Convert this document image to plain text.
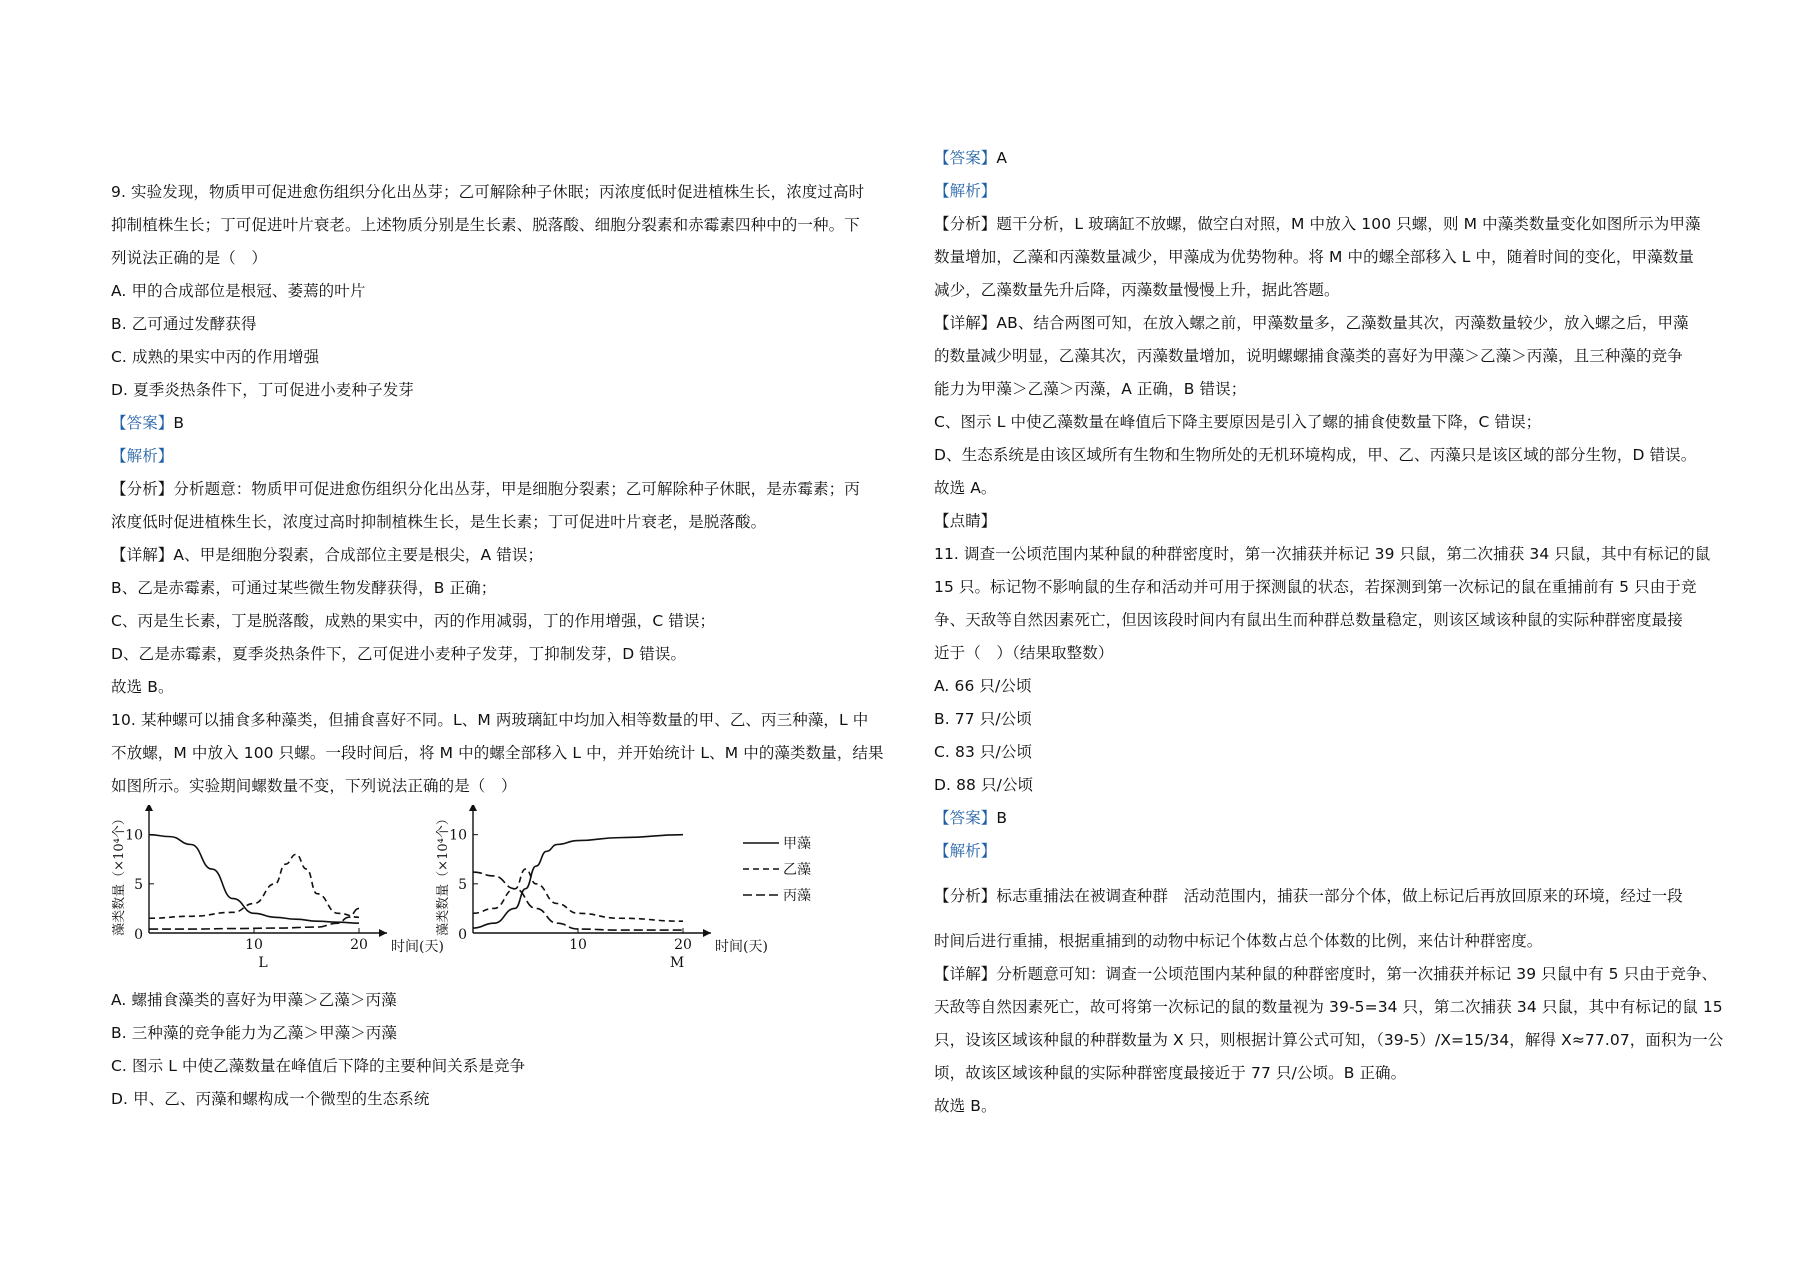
9. 实验发现，物质甲可促进愈伤组织分化出丛芽；乙可解除种子休眠；丙浓度低时促进植株生长，浓度过高时
抑制植株生长；丁可促进叶片衰老。上述物质分别是生长素、脱落酸、细胞分裂素和赤霉素四种中的一种。下
列说法正确的是（　）
A. 甲的合成部位是根冠、萎蔫的叶片
B. 乙可通过发酵获得
C. 成熟的果实中丙的作用增强
D. 夏季炎热条件下，丁可促进小麦种子发芽
【答案】B
【解析】
【分析】分析题意：物质甲可促进愈伤组织分化出丛芽，甲是细胞分裂素；乙可解除种子休眠，是赤霉素；丙
浓度低时促进植株生长，浓度过高时抑制植株生长，是生长素；丁可促进叶片衰老，是脱落酸。
【详解】A、甲是细胞分裂素，合成部位主要是根尖，A 错误；
B、乙是赤霉素，可通过某些微生物发酵获得，B 正确；
C、丙是生长素，丁是脱落酸，成熟的果实中，丙的作用减弱，丁的作用增强，C 错误；
D、乙是赤霉素，夏季炎热条件下，乙可促进小麦种子发芽，丁抑制发芽，D 错误。
故选 B。
10. 某种螺可以捕食多种藻类，但捕食喜好不同。L、M 两玻璃缸中均加入相等数量的甲、乙、丙三种藻，L 中
不放螺，M 中放入 100 只螺。一段时间后，将 M 中的螺全部移入 L 中，并开始统计 L、M 中的藻类数量，结果
如图所示。实验期间螺数量不变，下列说法正确的是（　）
5
10
10	20
0
时间(天)
L
藻类数量（×10⁴个）	5
10
10	20
0
时间(天)
M
藻类数量（×10⁴个）	甲藻
乙藻
丙藻
A. 螺捕食藻类的喜好为甲藻＞乙藻＞丙藻
B. 三种藻的竞争能力为乙藻＞甲藻＞丙藻
C. 图示 L 中使乙藻数量在峰值后下降的主要种间关系是竞争
D. 甲、乙、丙藻和螺构成一个微型的生态系统
【答案】A
【解析】
【分析】题干分析，L 玻璃缸不放螺，做空白对照，M 中放入 100 只螺，则 M 中藻类数量变化如图所示为甲藻
数量增加，乙藻和丙藻数量减少，甲藻成为优势物种。将 M 中的螺全部移入 L 中，随着时间的变化，甲藻数量
减少，乙藻数量先升后降，丙藻数量慢慢上升，据此答题。
【详解】AB、结合两图可知，在放入螺之前，甲藻数量多，乙藻数量其次，丙藻数量较少，放入螺之后，甲藻
的数量减少明显，乙藻其次，丙藻数量增加，说明螺螺捕食藻类的喜好为甲藻＞乙藻＞丙藻，且三种藻的竞争
能力为甲藻＞乙藻＞丙藻，A 正确，B 错误；
C、图示 L 中使乙藻数量在峰值后下降主要原因是引入了螺的捕食使数量下降，C 错误；
D、生态系统是由该区域所有生物和生物所处的无机环境构成，甲、乙、丙藻只是该区域的部分生物，D 错误。
故选 A。
【点睛】
11. 调查一公顷范围内某种鼠的种群密度时，第一次捕获并标记 39 只鼠，第二次捕获 34 只鼠，其中有标记的鼠
15 只。标记物不影响鼠的生存和活动并可用于探测鼠的状态，若探测到第一次标记的鼠在重捕前有 5 只由于竞
争、天敌等自然因素死亡，但因该段时间内有鼠出生而种群总数量稳定，则该区域该种鼠的实际种群密度最接
近于（　）（结果取整数）
A. 66 只/公顷
B. 77 只/公顷
C. 83 只/公顷
D. 88 只/公顷
【答案】B
【解析】
【分析】标志重捕法在被调查种群　活动范围内，捕获一部分个体，做上标记后再放回原来的环境，经过一段
时间后进行重捕，根据重捕到的动物中标记个体数占总个体数的比例，来估计种群密度。
【详解】分析题意可知：调查一公顷范围内某种鼠的种群密度时，第一次捕获并标记 39 只鼠中有 5 只由于竞争、
天敌等自然因素死亡，故可将第一次标记的鼠的数量视为 39-5=34 只，第二次捕获 34 只鼠，其中有标记的鼠 15
只，设该区域该种鼠的种群数量为 X 只，则根据计算公式可知，（39-5）/X=15/34，解得 X≈77.07，面积为一公
顷，故该区域该种鼠的实际种群密度最接近于 77 只/公顷。B 正确。
故选 B。
